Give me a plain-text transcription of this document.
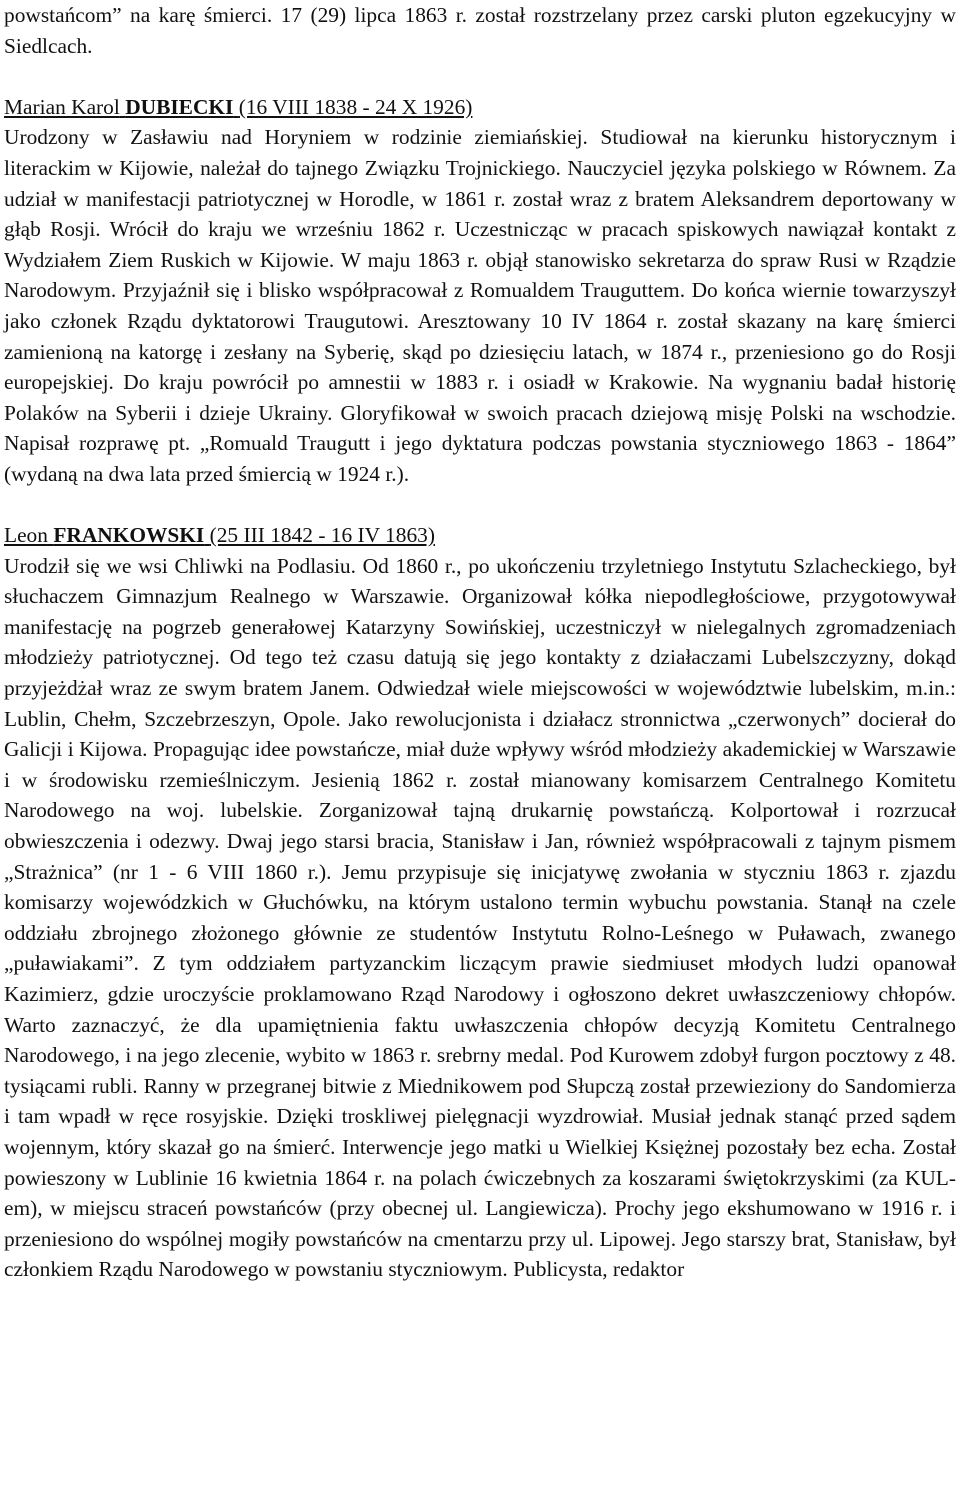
powstańcom” na karę śmierci. 17 (29) lipca 1863 r. został rozstrzelany przez carski pluton egzekucyjny w Siedlcach.

Marian Karol DUBIECKI (16 VIII 1838 - 24 X 1926)

Urodzony w Zasławiu nad Horyniem w rodzinie ziemiańskiej. Studiował na kierunku historycznym i literackim w Kijowie, należał do tajnego Związku Trojnickiego. Nauczyciel języka polskiego w Równem. Za udział w manifestacji patriotycznej w Horodle, w 1861 r. został wraz z bratem Aleksandrem deportowany w głąb Rosji. Wrócił do kraju we wrześniu 1862 r. Uczestnicząc w pracach spiskowych nawiązał kontakt z Wydziałem Ziem Ruskich w Kijowie. W maju 1863 r. objął stanowisko sekretarza do spraw Rusi w Rządzie Narodowym. Przyjaźnił się i blisko współpracował z Romualdem Trauguttem. Do końca wiernie towarzyszył jako członek Rządu dyktatorowi Traugutowi. Aresztowany 10 IV 1864 r. został skazany na karę śmierci zamienioną na katorgę i zesłany na Syberię, skąd po dziesięciu latach, w 1874 r., przeniesiono go do Rosji europejskiej. Do kraju powrócił po amnestii w 1883 r. i osiadł w Krakowie. Na wygnaniu badał historię Polaków na Syberii i dzieje Ukrainy. Gloryfikował w swoich pracach dziejową misję Polski na wschodzie. Napisał rozprawę pt. „Romuald Traugutt i jego dyktatura podczas powstania styczniowego 1863 - 1864” (wydaną na dwa lata przed śmiercią w 1924 r.).

Leon FRANKOWSKI (25 III 1842 - 16 IV 1863)

Urodził się we wsi Chliwki na Podlasiu. Od 1860 r., po ukończeniu trzyletniego Instytutu Szlacheckiego, był słuchaczem Gimnazjum Realnego w Warszawie. Organizował kółka niepodległościowe, przygotowywał manifestację na pogrzeb generałowej Katarzyny Sowińskiej, uczestniczył w nielegalnych zgromadzeniach młodzieży patriotycznej. Od tego też czasu datują się jego kontakty z działaczami Lubelszczyzny, dokąd przyjeżdżał wraz ze swym bratem Janem. Odwiedzał wiele miejscowości w województwie lubelskim, m.in.: Lublin, Chełm, Szczebrzeszyn, Opole. Jako rewolucjonista i działacz stronnictwa „czerwonych” docierał do Galicji i Kijowa. Propagując idee powstańcze, miał duże wpływy wśród młodzieży akademickiej w Warszawie i w środowisku rzemieślniczym. Jesienią 1862 r. został mianowany komisarzem Centralnego Komitetu Narodowego na woj. lubelskie. Zorganizował tajną drukarnię powstańczą. Kolportował i rozrzucał obwieszczenia i odezwy. Dwaj jego starsi bracia, Stanisław i Jan, również współpracowali z tajnym pismem „Strażnica” (nr 1 - 6 VIII 1860 r.). Jemu przypisuje się inicjatywę zwołania w styczniu 1863 r. zjazdu komisarzy wojewódzkich w Głuchówku, na którym ustalono termin wybuchu powstania. Stanął na czele oddziału zbrojnego złożonego głównie ze studentów Instytutu Rolno-Leśnego w Puławach, zwanego „puławiakami”. Z tym oddziałem partyzanckim liczącym prawie siedmiuset młodych ludzi opanował Kazimierz, gdzie uroczyście proklamowano Rząd Narodowy i ogłoszono dekret uwłaszczeniowy chłopów. Warto zaznaczyć, że dla upamiętnienia faktu uwłaszczenia chłopów decyzją Komitetu Centralnego Narodowego, i na jego zlecenie, wybito w 1863 r. srebrny medal. Pod Kurowem zdobył furgon pocztowy z 48. tysiącami rubli. Ranny w przegranej bitwie z Miednikowem pod Słupczą został przewieziony do Sandomierza i tam wpadł w ręce rosyjskie. Dzięki troskliwej pielęgnacji wyzdrowiał. Musiał jednak stanąć przed sądem wojennym, który skazał go na śmierć. Interwencje jego matki u Wielkiej Księżnej pozostały bez echa. Został powieszony w Lublinie 16 kwietnia 1864 r. na polach ćwiczebnych za koszarami świętokrzyskimi (za KUL-em), w miejscu straceń powstańców (przy obecnej ul. Langiewicza). Prochy jego ekshumowano w 1916 r. i przeniesiono do wspólnej mogiły powstańców na cmentarzu przy ul. Lipowej. Jego starszy brat, Stanisław, był członkiem Rządu Narodowego w powstaniu styczniowym. Publicysta, redaktor
